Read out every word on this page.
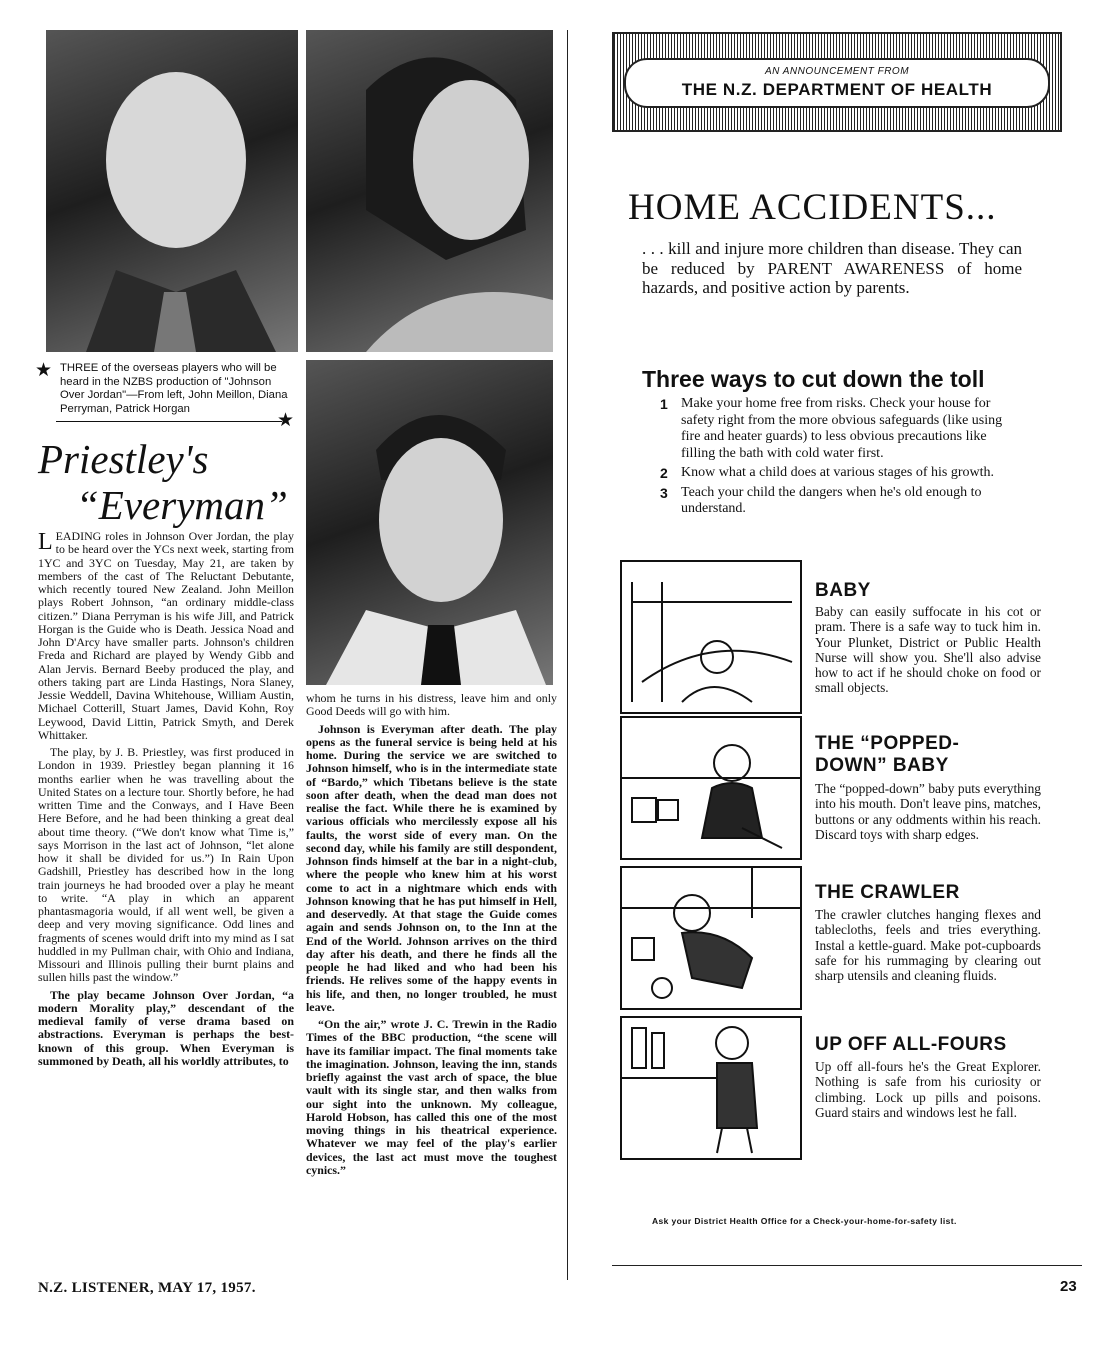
★ THREE of the overseas players who will be heard in the NZBS production of "Johnson Over Jordan"—From left, John Meillon, Diana Perryman, Patrick Horgan

★
Priestley's
“Everyman”

LEADING roles in Johnson Over Jordan, the play to be heard over the YCs next week, starting from 1YC and 3YC on Tuesday, May 21, are taken by members of the cast of The Reluctant Debutante, which recently toured New Zealand. John Meillon plays Robert Johnson, “an ordinary middle-class citizen.” Diana Perryman is his wife Jill, and Patrick Horgan is the Guide who is Death. Jessica Noad and John D'Arcy have smaller parts. Johnson's children Freda and Richard are played by Wendy Gibb and Alan Jervis. Bernard Beeby produced the play, and others taking part are Linda Hastings, Nora Slaney, Jessie Weddell, Davina Whitehouse, William Austin, Michael Cotterill, Stuart James, David Kohn, Roy Leywood, David Littin, Patrick Smyth, and Derek Whittaker.

The play, by J. B. Priestley, was first produced in London in 1939. Priestley began planning it 16 months earlier when he was travelling about the United States on a lecture tour. Shortly before, he had written Time and the Conways, and I Have Been Here Before, and he had been thinking a great deal about time theory. (“We don't know what Time is,” says Morrison in the last act of Johnson, “let alone how it shall be divided for us.”) In Rain Upon Gadshill, Priestley has described how in the long train journeys he had brooded over a play he meant to write. “A play in which an apparent phantasmagoria would, if all went well, be given a deep and very moving significance. Odd lines and fragments of scenes would drift into my mind as I sat huddled in my Pullman chair, with Ohio and Indiana, Missouri and Illinois pulling their burnt plains and sullen hills past the window.”

The play became Johnson Over Jordan, “a modern Morality play,” descendant of the medieval family of verse drama based on abstractions. Everyman is perhaps the best-known of this group. When Everyman is summoned by Death, all his worldly attributes, to

whom he turns in his distress, leave him and only Good Deeds will go with him.

Johnson is Everyman after death. The play opens as the funeral service is being held at his home. During the service we are switched to Johnson himself, who is in the intermediate state of “Bardo,” which Tibetans believe is the state soon after death, when the dead man does not realise the fact. While there he is examined by various officials who mercilessly expose all his faults, the worst side of every man. On the second day, while his family are still despondent, Johnson finds himself at the bar in a night-club, where the people who knew him at his worst come to act in a nightmare which ends with Johnson knowing that he has put himself in Hell, and deservedly. At that stage the Guide comes again and sends Johnson on, to the Inn at the End of the World. Johnson arrives on the third day after his death, and there he finds all the people he had liked and who had been his friends. He relives some of the happy events in his life, and then, no longer troubled, he must leave.

“On the air,” wrote J. C. Trewin in the Radio Times of the BBC production, “the scene will have its familiar impact. The final moments take the imagination. Johnson, leaving the inn, stands briefly against the vast arch of space, the blue vault with its single star, and then walks from our sight into the unknown. My colleague, Harold Hobson, has called this one of the most moving things in his theatrical experience. Whatever we may feel of the play's earlier devices, the last act must move the toughest cynics.”

N.Z. LISTENER, MAY 17, 1957.
AN ANNOUNCEMENT FROM
THE N.Z. DEPARTMENT OF HEALTH
HOME ACCIDENTS...
. . . kill and injure more children than disease. They can be reduced by PARENT AWARENESS of home hazards, and positive action by parents.
Three ways to cut down the toll
1 Make your home free from risks. Check your house for safety right from the more obvious safeguards (like using fire and heater guards) to less obvious precautions like filling the bath with cold water first.
2 Know what a child does at various stages of his growth.
3 Teach your child the dangers when he's old enough to understand.
BABY
Baby can easily suffocate in his cot or pram. There is a safe way to tuck him in. Your Plunket, District or Public Health Nurse will show you. She'll also advise how to act if he should choke on food or small objects.
THE “POPPED-DOWN” BABY
The “popped-down” baby puts everything into his mouth. Don't leave pins, matches, buttons or any oddments within his reach. Discard toys with sharp edges.
THE CRAWLER
The crawler clutches hanging flexes and tablecloths, feels and tries everything. Instal a kettle-guard. Make pot-cupboards safe for his rummaging by clearing out sharp utensils and cleaning fluids.
UP OFF ALL-FOURS
Up off all-fours he's the Great Explorer. Nothing is safe from his curiosity or climbing. Lock up pills and poisons. Guard stairs and windows lest he fall.
Ask your District Health Office for a Check-your-home-for-safety list.
23
